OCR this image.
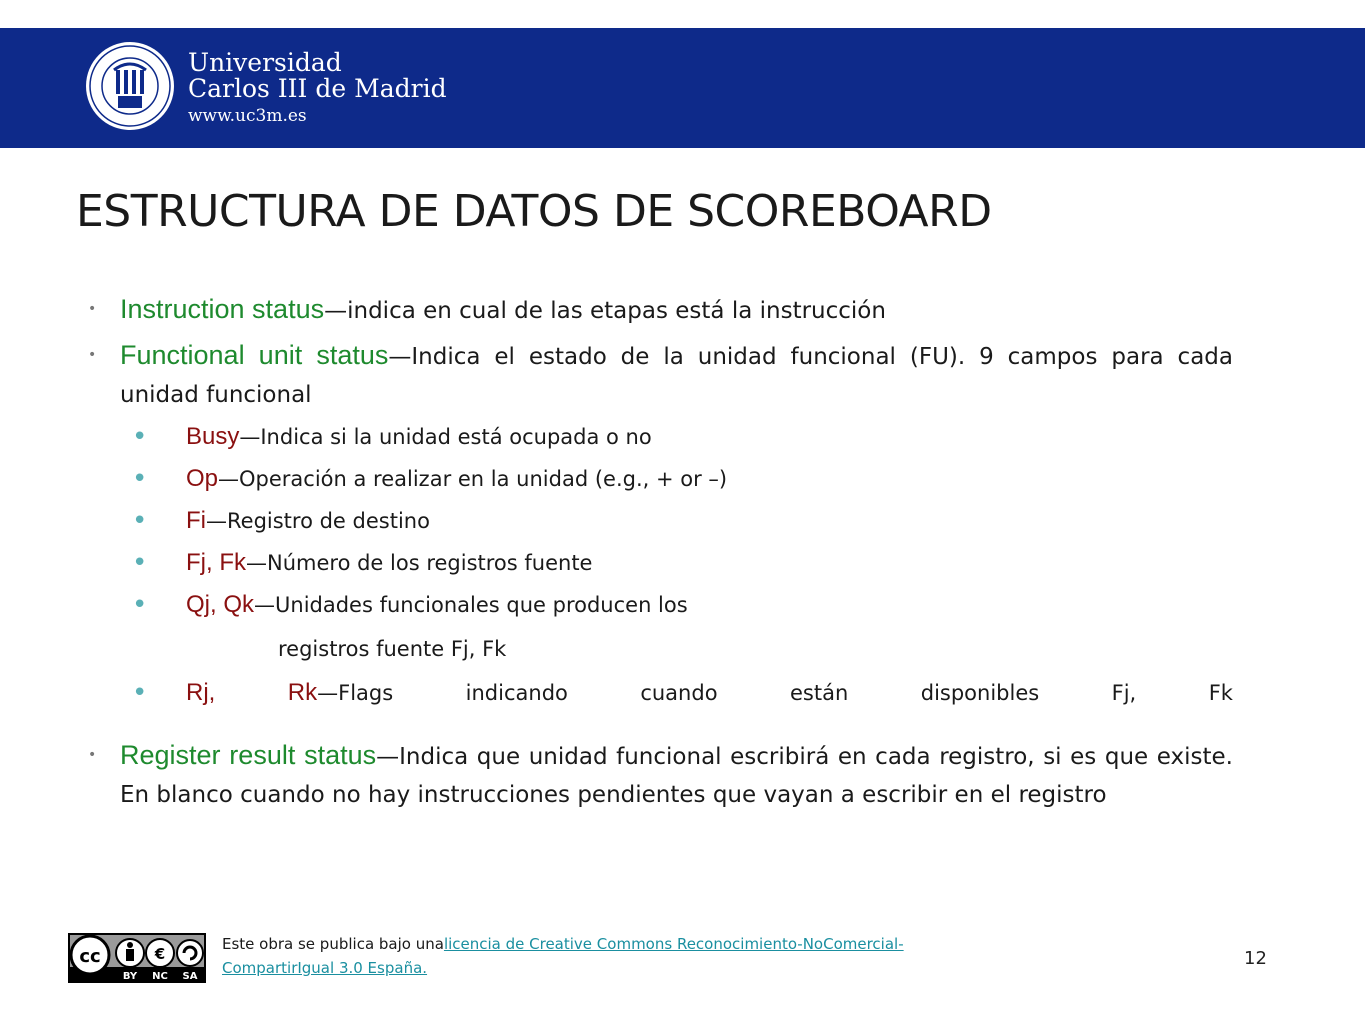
Universidad
Carlos III de Madrid
www.uc3m.es
ESTRUCTURA DE DATOS DE SCOREBOARD

• Instruction status—indica en cual de las etapas está la instrucción

• Functional unit status—Indica el estado de la unidad funcional (FU). 9 campos para cada unidad funcional

• Busy—Indica si la unidad está ocupada o no

• Op—Operación a realizar en la unidad (e.g., + or –)

• Fi—Registro de destino

• Fj, Fk—Número de los registros fuente

• Qj, Qk—Unidades funcionales que producen los

registros fuente Fj, Fk

• Rj,	Rk—Flags	indicando	cuando	están	disponibles	Fj,	Fk

• Register result status—Indica que unidad funcional escribirá en cada registro, si es que existe. En blanco cuando no hay instrucciones pendientes que vayan a escribir en el registro

cc	€
BY NC SA
Este obra se publica bajo unalicencia de Creative Commons Reconocimiento-NoComercial-CompartirIgual 3.0 España.	12
